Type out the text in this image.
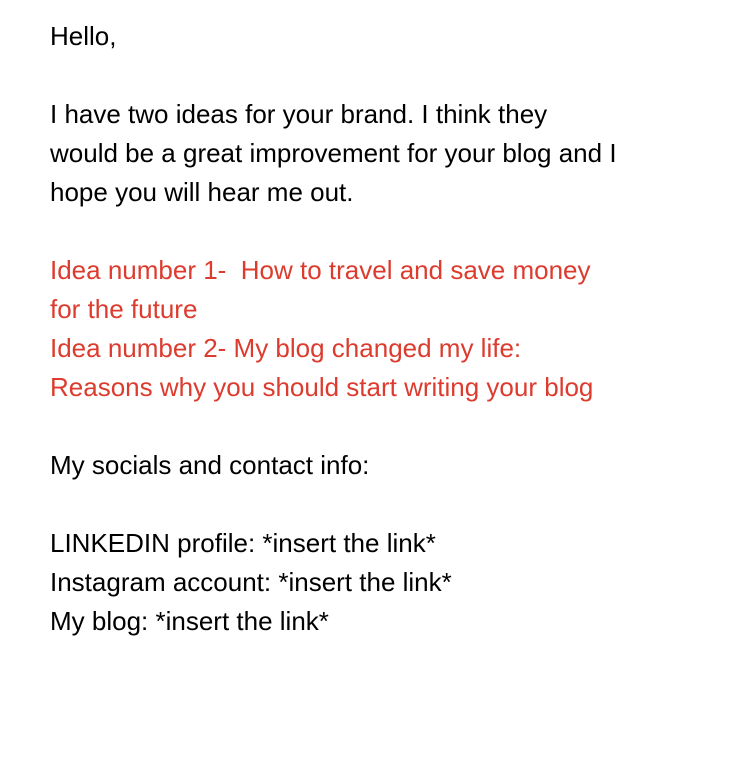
Hello,

I have two ideas for your brand. I think they

would be a great improvement for your blog and I

hope you will hear me out.

Idea number 1-  How to travel and save money

for the future

Idea number 2- My blog changed my life:

Reasons why you should start writing your blog

My socials and contact info:

LINKEDIN profile: *insert the link*

Instagram account: *insert the link*

My blog: *insert the link*
